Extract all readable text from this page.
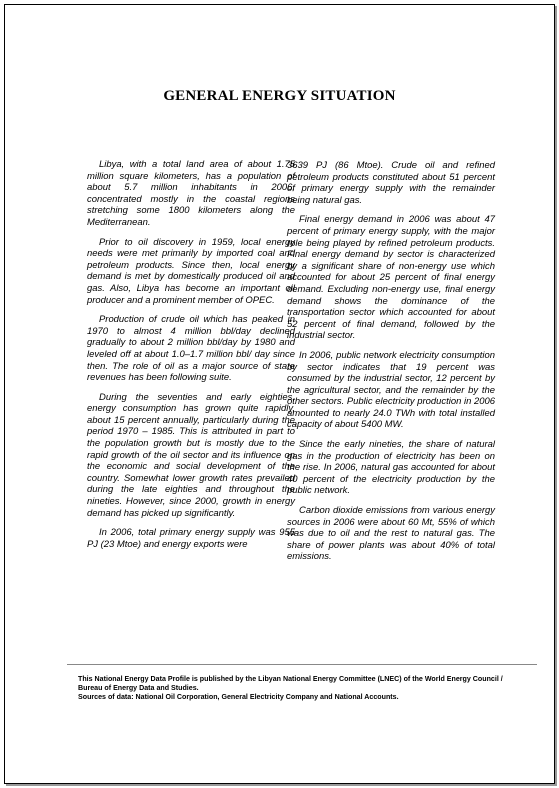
GENERAL ENERGY SITUATION

Libya, with a total land area of about 1.75 million square kilometers, has a population of about 5.7 million inhabitants in 2006, concentrated mostly in the coastal regions stretching some 1800 kilometers along the Mediterranean.

Prior to oil discovery in 1959, local energy needs were met primarily by imported coal and petroleum products. Since then, local energy demand is met by domestically produced oil and gas. Also, Libya has become an important oil producer and a prominent member of OPEC.

Production of crude oil which has peaked in 1970 to almost 4 million bbl/day declined gradually to about 2 million bbl/day by 1980 and leveled off at about 1.0–1.7 million bbl/ day since then. The role of oil as a major source of state revenues has been following suite.

During the seventies and early eighties, energy consumption has grown quite rapidly, about 15 percent annually, particularly during the period 1970 – 1985. This is attributed in part to the population growth but is mostly due to the rapid growth of the oil sector and its influence on the economic and social development of the country. Somewhat lower growth rates prevailed during the late eighties and throughout the nineties. However, since 2000, growth in energy demand has picked up significantly.

In 2006, total primary energy supply was 955 PJ (23 Mtoe) and energy exports were

3639 PJ (86 Mtoe). Crude oil and refined petroleum products constituted about 51 percent of primary energy supply with the remainder being natural gas.

Final energy demand in 2006 was about 47 percent of primary energy supply, with the major role being played by refined petroleum products. Final energy demand by sector is characterized by a significant share of non-energy use which accounted for about 25 percent of final energy demand. Excluding non-energy use, final energy demand shows the dominance of the transportation sector which accounted for about 52 percent of final demand, followed by the industrial sector.

In 2006, public network electricity consumption by sector indicates that 19 percent was consumed by the industrial sector, 12 percent by the agricultural sector, and the remainder by the other sectors. Public electricity production in 2006 amounted to nearly 24.0 TWh with total installed capacity of about 5400 MW.

Since the early nineties, the share of natural gas in the production of electricity has been on the rise. In 2006, natural gas accounted for about 40 percent of the electricity production by the public network.

Carbon dioxide emissions from various energy sources in 2006 were about 60 Mt, 55% of which was due to oil and the rest to natural gas. The share of power plants was about 40% of total emissions.

This National Energy Data Profile is published by the Libyan National Energy Committee (LNEC) of the World Energy Council / Bureau of Energy Data and Studies.

Sources of data: National Oil Corporation, General Electricity Company and National Accounts.
